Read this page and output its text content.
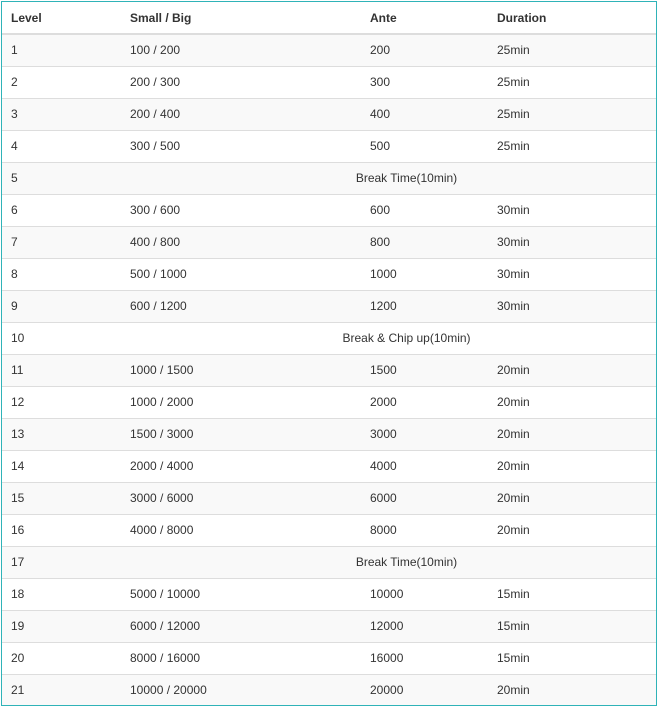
Level	Small / Big	Ante	Duration
1	100 / 200	200	25min
2	200 / 300	300	25min
3	200 / 400	400	25min
4	300 / 500	500	25min
5	Break Time(10min)		
6	300 / 600	600	30min
7	400 / 800	800	30min
8	500 / 1000	1000	30min
9	600 / 1200	1200	30min
10	Break & Chip up(10min)		
11	1000 / 1500	1500	20min
12	1000 / 2000	2000	20min
13	1500 / 3000	3000	20min
14	2000 / 4000	4000	20min
15	3000 / 6000	6000	20min
16	4000 / 8000	8000	20min
17	Break Time(10min)		
18	5000 / 10000	10000	15min
19	6000 / 12000	12000	15min
20	8000 / 16000	16000	15min
21	10000 / 20000	20000	20min
